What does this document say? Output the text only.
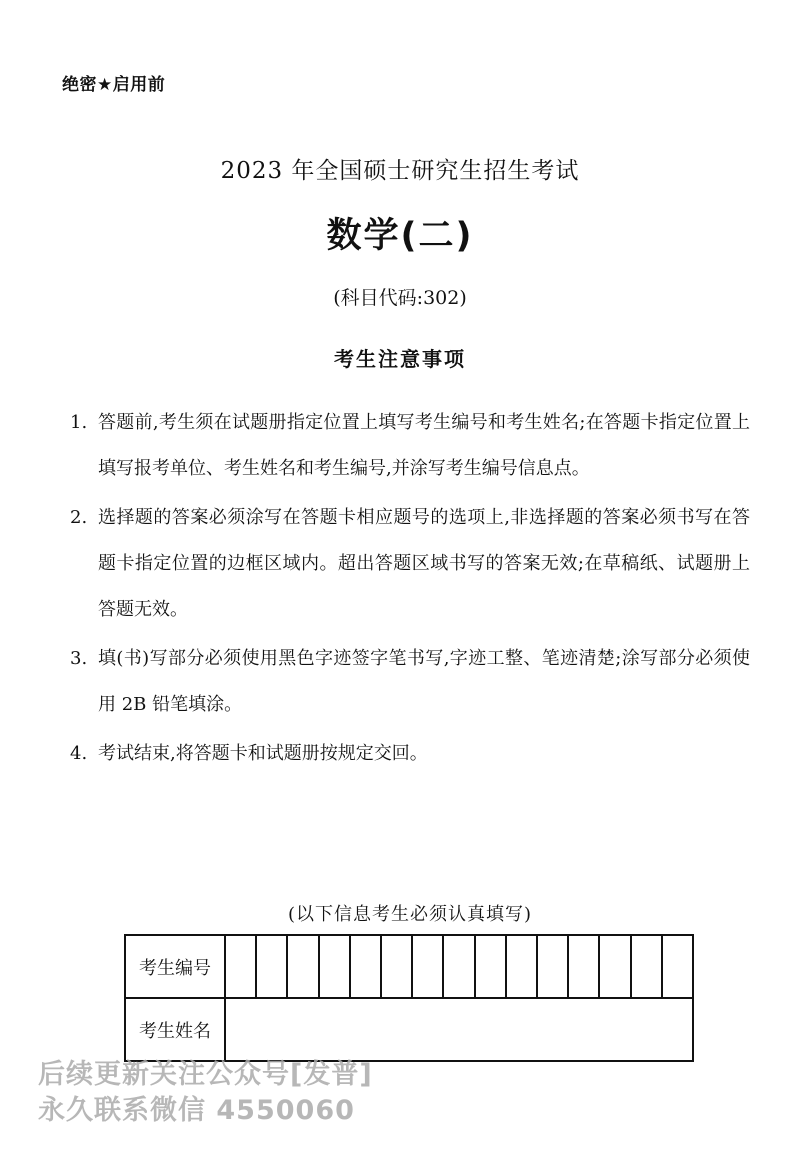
绝密★启用前
2023 年全国硕士研究生招生考试
数学(二)
(科目代码:302)
考生注意事项
1. 答题前,考生须在试题册指定位置上填写考生编号和考生姓名;在答题卡指定位置上填写报考单位、考生姓名和考生编号,并涂写考生编号信息点。
2. 选择题的答案必须涂写在答题卡相应题号的选项上,非选择题的答案必须书写在答题卡指定位置的边框区域内。超出答题区域书写的答案无效;在草稿纸、试题册上答题无效。
3. 填(书)写部分必须使用黑色字迹签字笔书写,字迹工整、笔迹清楚;涂写部分必须使用 2B 铅笔填涂。
4. 考试结束,将答题卡和试题册按规定交回。
(以下信息考生必须认真填写)
考生编号
考生姓名
后续更新关注公众号[发普]
永久联系微信 4550060
